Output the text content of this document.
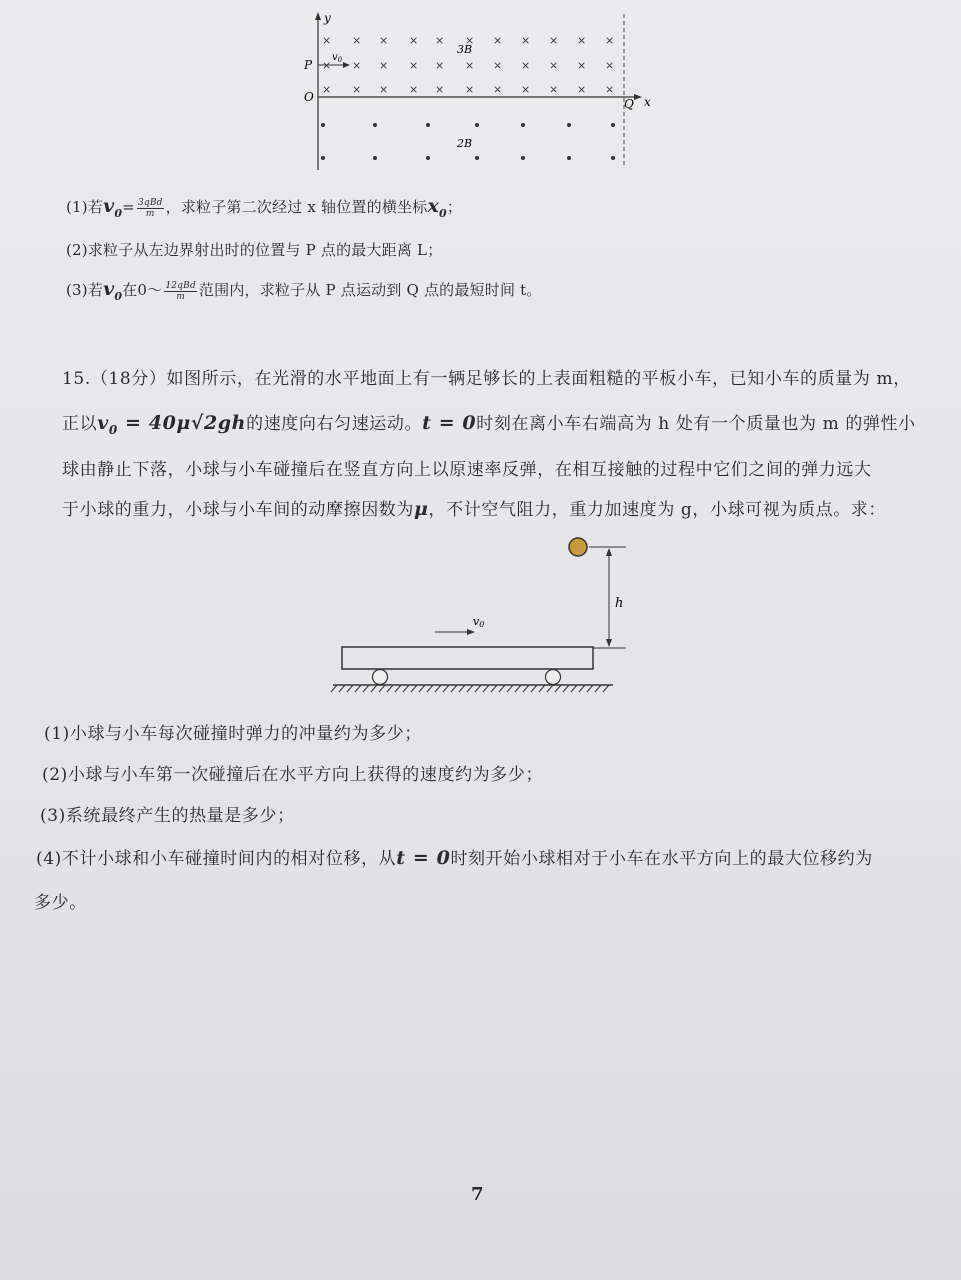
y
x
O
P
Q
$v_0$
3B
2B
× × × × × × × × × × ×
× × × × × × × × × × ×
× × × × × × × × × × ×
(1)若$v_0= \frac{\text{3qBd}}{m}$ ，求粒子第二次经过 x 轴位置的横坐标$x_0$；
(2)求粒子从左边界射出时的位置与 P 点的最大距离 L；
(3)若$v_0$在0～ $\frac{\text{12qBd}}{m}$ 范围内，求粒子从 P 点运动到 Q 点的最短时间 t。
15.（18分）如图所示，在光滑的水平地面上有一辆足够长的上表面粗糙的平板小车，已知小车的质量为 m，
正以$v_0 = 40\mu√2gh$的速度向右匀速运动。t = 0时刻在离小车右端高为 h 处有一个质量也为 m 的弹性小
球由静止下落，小球与小车碰撞后在竖直方向上以原速率反弹，在相互接触的过程中它们之间的弹力远大
于小球的重力，小球与小车间的动摩擦因数为μ，不计空气阻力，重力加速度为 g，小球可视为质点。求：
h
v0
(1)小球与小车每次碰撞时弹力的冲量约为多少；
(2)小球与小车第一次碰撞后在水平方向上获得的速度约为多少；
(3)系统最终产生的热量是多少；
(4)不计小球和小车碰撞时间内的相对位移，从t = 0时刻开始小球相对于小车在水平方向上的最大位移约为
多少。
7
